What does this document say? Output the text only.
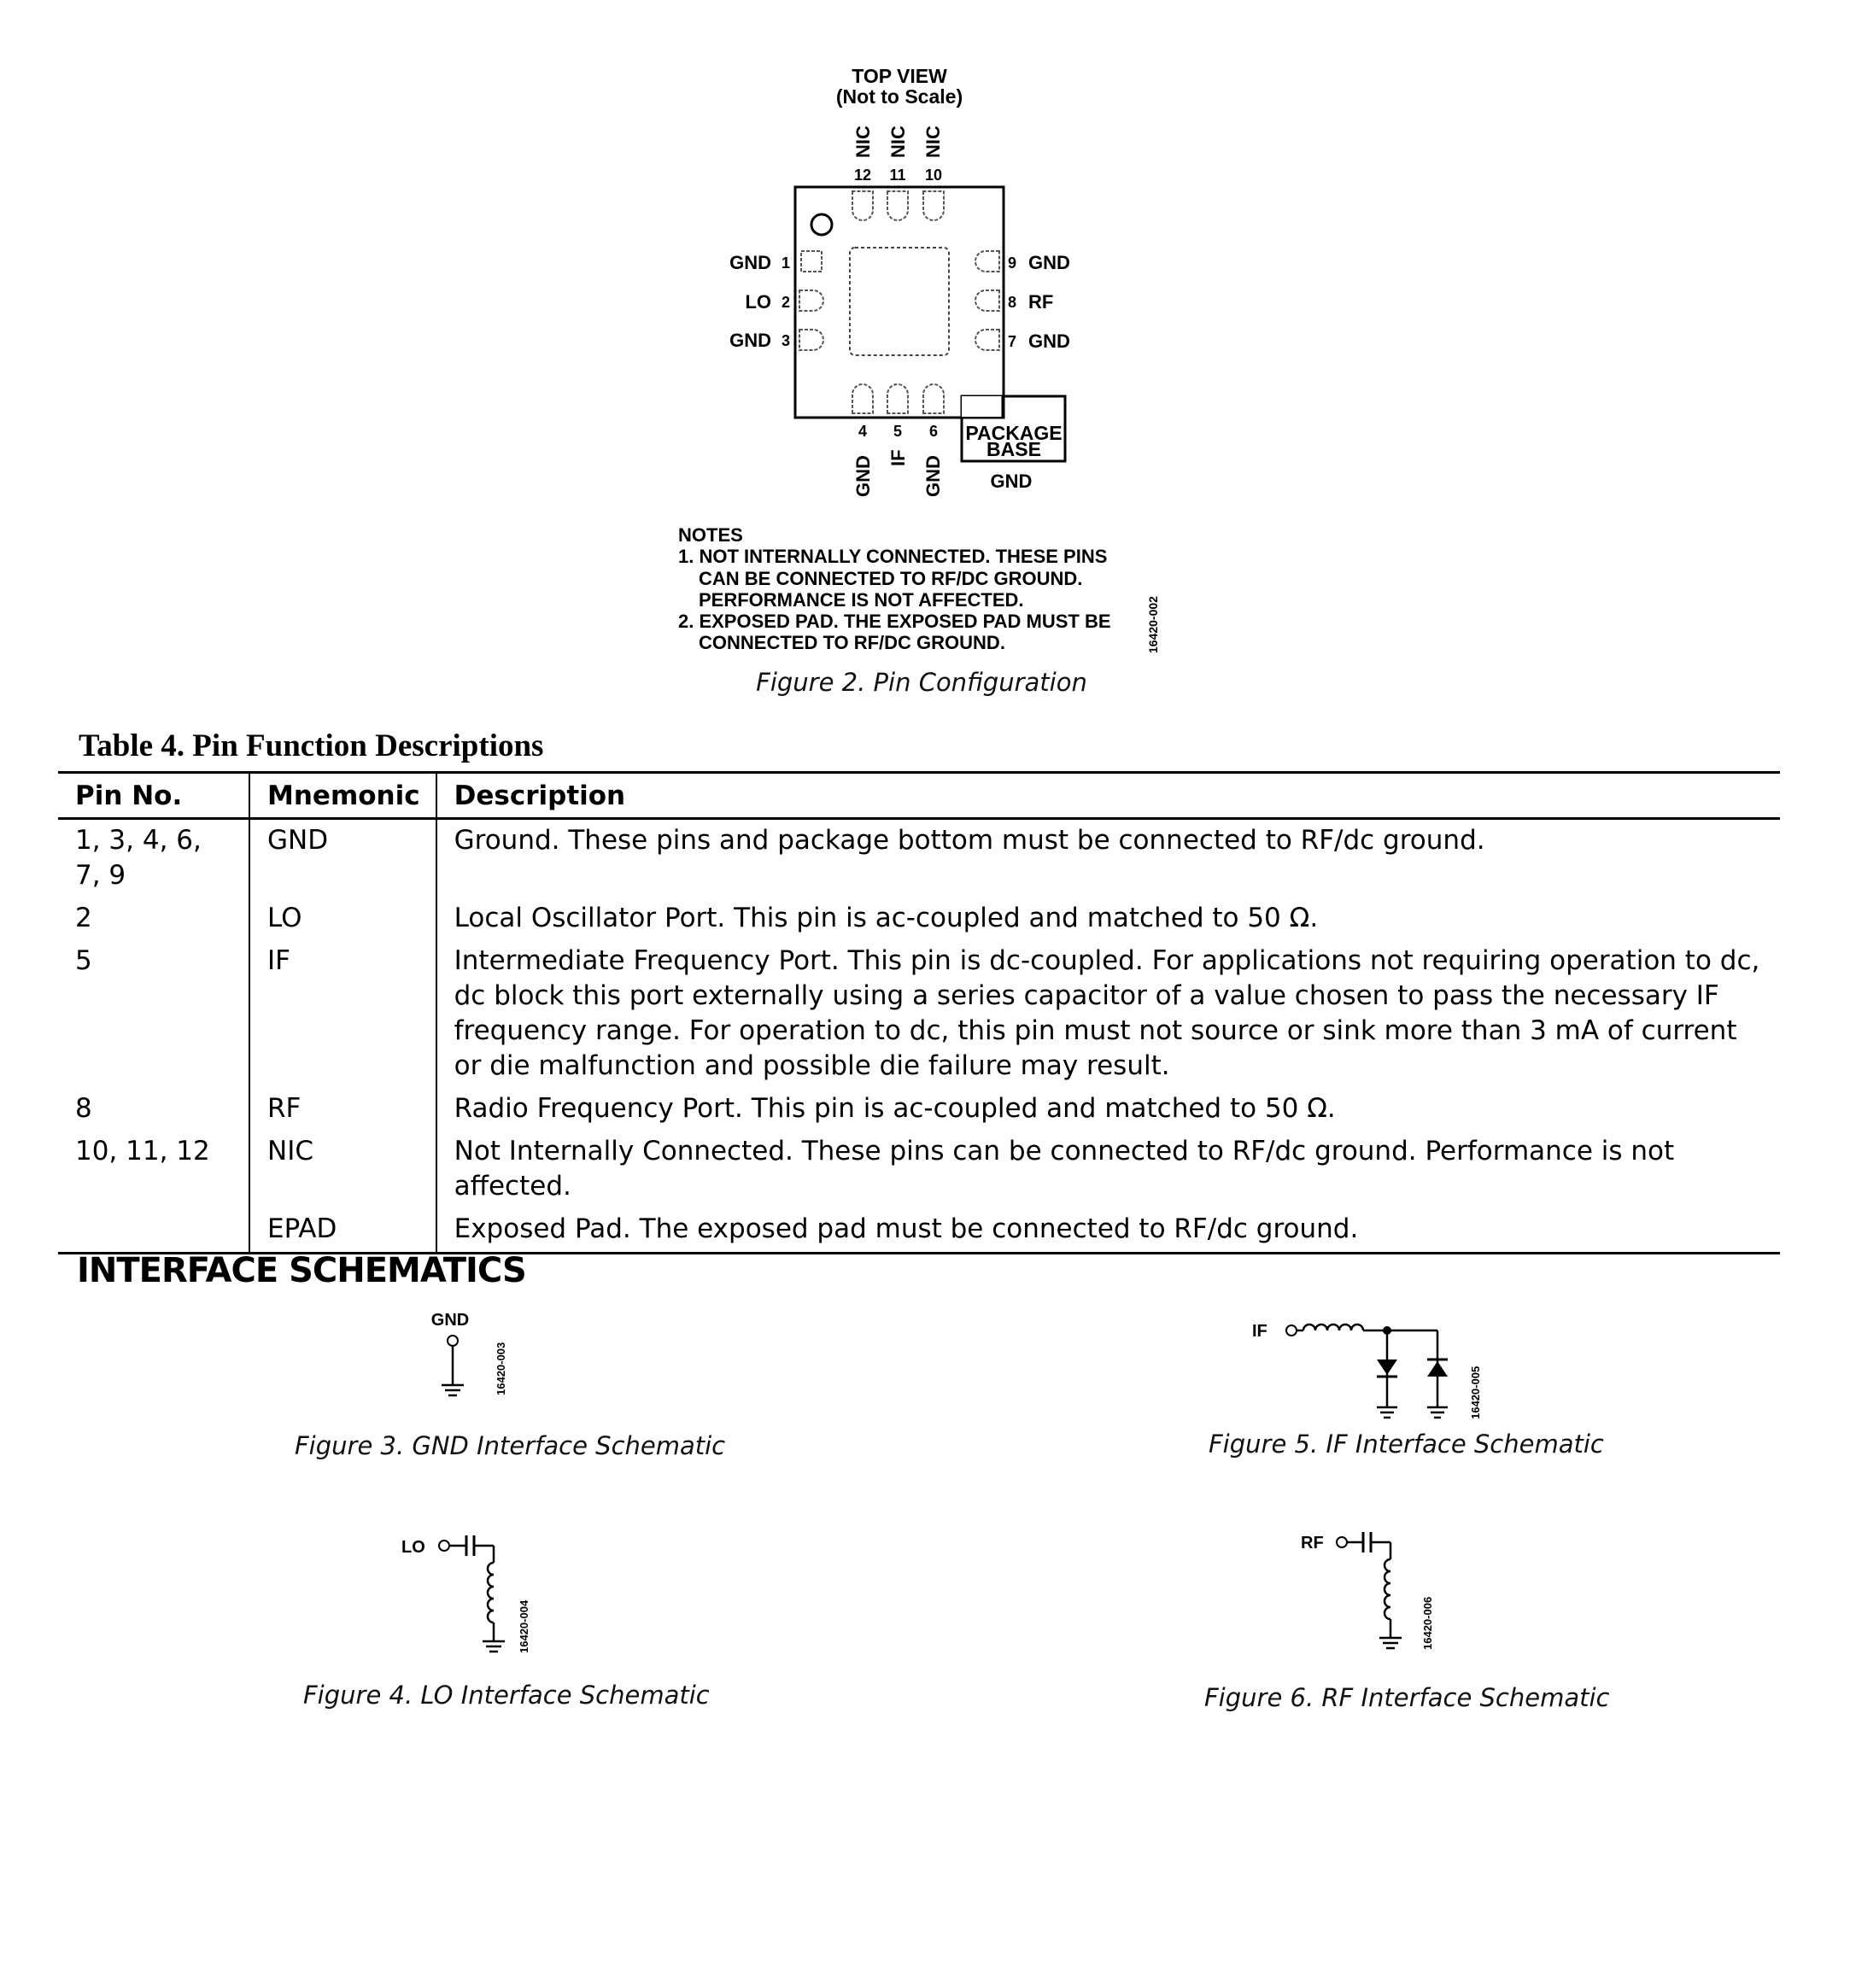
TOP VIEW
(Not to Scale)
NIC NIC NIC
12 11 10
GND
LO
GND
1
2
3
9
8
7
GND
RF
GND
4 5 6
GND IF GND
PACKAGE
BASE
GND
NOTES
1. NOT INTERNALLY CONNECTED. THESE PINS
CAN BE CONNECTED TO RF/DC GROUND.
PERFORMANCE IS NOT AFFECTED.
2. EXPOSED PAD. THE EXPOSED PAD MUST BE
CONNECTED TO RF/DC GROUND.	16420-002
Figure 2. Pin Configuration
Table 4. Pin Function Descriptions
Pin No.	Mnemonic	Description
1, 3, 4, 6, 7, 9	GND	Ground. These pins and package bottom must be connected to RF/dc ground.
2	LO	Local Oscillator Port. This pin is ac-coupled and matched to 50 Ω.
5	IF	Intermediate Frequency Port. This pin is dc-coupled. For applications not requiring operation to dc, dc block this port externally using a series capacitor of a value chosen to pass the necessary IF frequency range. For operation to dc, this pin must not source or sink more than 3 mA of current or die malfunction and possible die failure may result.
8	RF	Radio Frequency Port. This pin is ac-coupled and matched to 50 Ω.
10, 11, 12	NIC	Not Internally Connected. These pins can be connected to RF/dc ground. Performance is not affected.
	EPAD	Exposed Pad. The exposed pad must be connected to RF/dc ground.
INTERFACE SCHEMATICS
GND
16420-003
IF
16420-005
LO
16420-004
RF
16420-006
Figure 3. GND Interface Schematic	Figure 5. IF Interface Schematic
Figure 4. LO Interface Schematic	Figure 6. RF Interface Schematic
